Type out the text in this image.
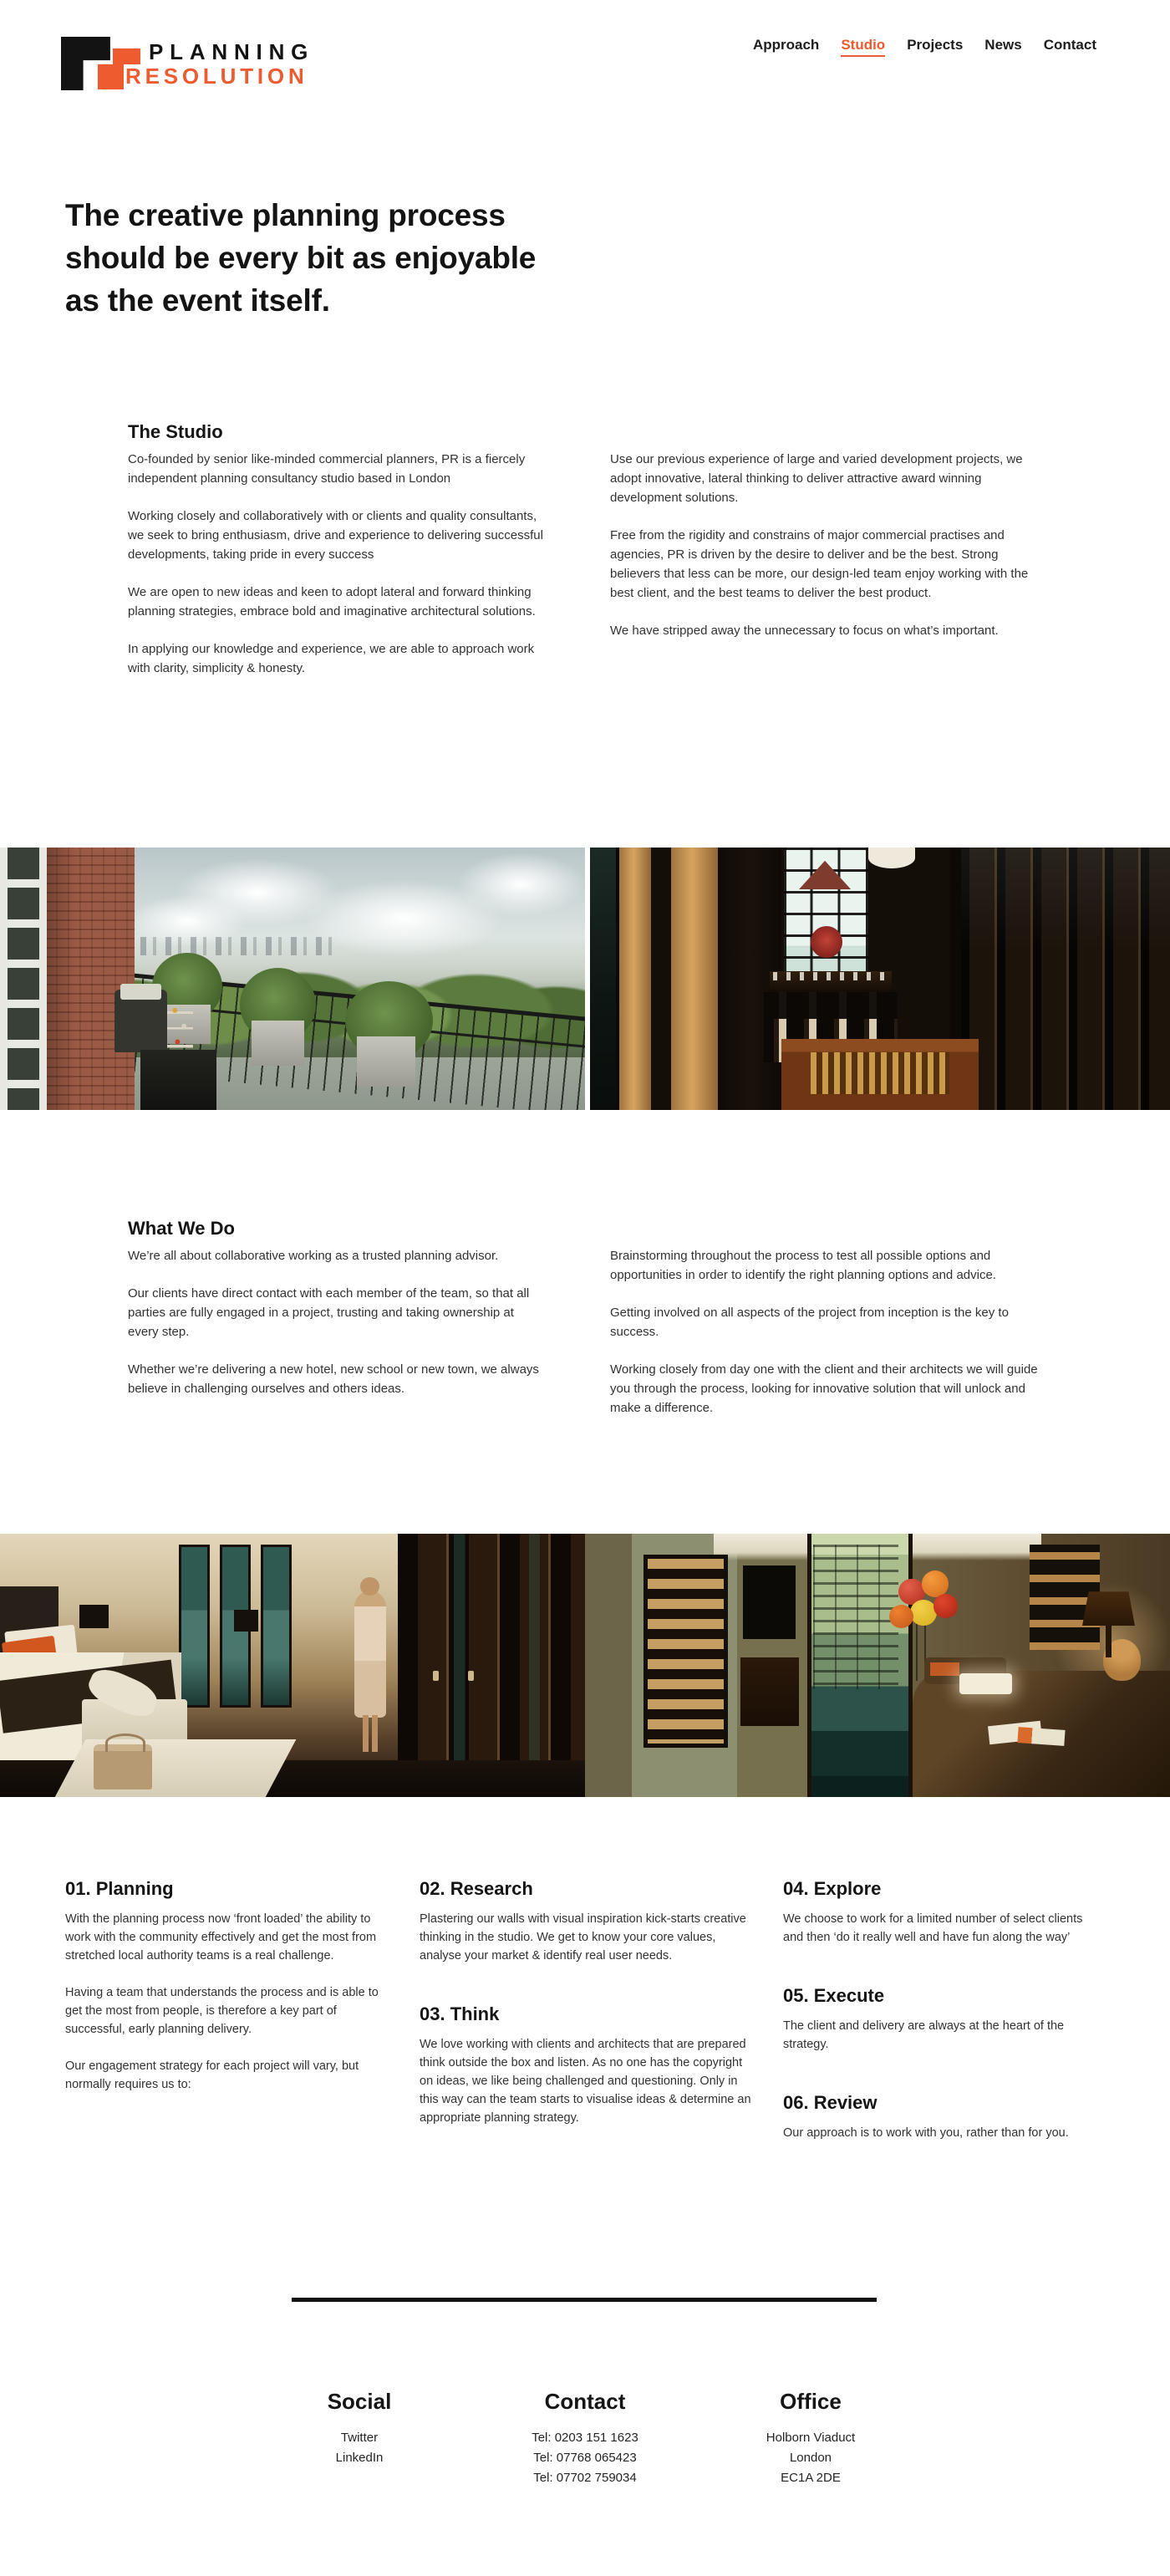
PLANNING
RESOLUTION
Approach Studio Projects News Contact
The creative planning process
should be every bit as enjoyable
as the event itself.
The Studio

Co-founded by senior like-minded commercial planners, PR is a fiercely independent planning consultancy studio based in London

Working closely and collaboratively with or clients and quality consultants, we seek to bring enthusiasm, drive and experience to delivering successful developments, taking pride in every success

We are open to new ideas and keen to adopt lateral and forward thinking planning strategies, embrace bold and imaginative architectural solutions.

In applying our knowledge and experience, we are able to approach work with clarity, simplicity & honesty.

Use our previous experience of large and varied development projects, we adopt innovative, lateral thinking to deliver attractive award winning development solutions.

Free from the rigidity and constrains of major commercial practises and agencies, PR is driven by the desire to deliver and be the best. Strong believers that less can be more, our design-led team enjoy working with the best client, and the best teams to deliver the best product.

We have stripped away the unnecessary to focus on what’s important.

What We Do

We’re all about collaborative working as a trusted planning advisor.

Our clients have direct contact with each member of the team, so that all parties are fully engaged in a project, trusting and taking ownership at every step.

Whether we’re delivering a new hotel, new school or new town, we always believe in challenging ourselves and others ideas.

Brainstorming throughout the process to test all possible options and opportunities in order to identify the right planning options and advice.

Getting involved on all aspects of the project from inception is the key to success.

Working closely from day one with the client and their architects we will guide you through the process, looking for innovative solution that will unlock and make a difference.

01. Planning

With the planning process now ‘front loaded’ the ability to work with the community effectively and get the most from stretched local authority teams is a real challenge.

Having a team that understands the process and is able to get the most from people, is therefore a key part of successful, early planning delivery.

Our engagement strategy for each project will vary, but normally requires us to:

02. Research

Plastering our walls with visual inspiration kick-starts creative thinking in the studio. We get to know your core values, analyse your market & identify real user needs.

03. Think

We love working with clients and architects that are prepared think outside the box and listen. As no one has the copyright on ideas, we like being challenged and questioning. Only in this way can the team starts to visualise ideas & determine an appropriate planning strategy.

04. Explore

We choose to work for a limited number of select clients and then ‘do it really well and have fun along the way’

05. Execute

The client and delivery are always at the heart of the strategy.

06. Review

Our approach is to work with you, rather than for you.

Social
Twitter
LinkedIn
Contact
Tel: 0203 151 1623
Tel: 07768 065423
Tel: 07702 759034
Office
Holborn Viaduct
London
EC1A 2DE
